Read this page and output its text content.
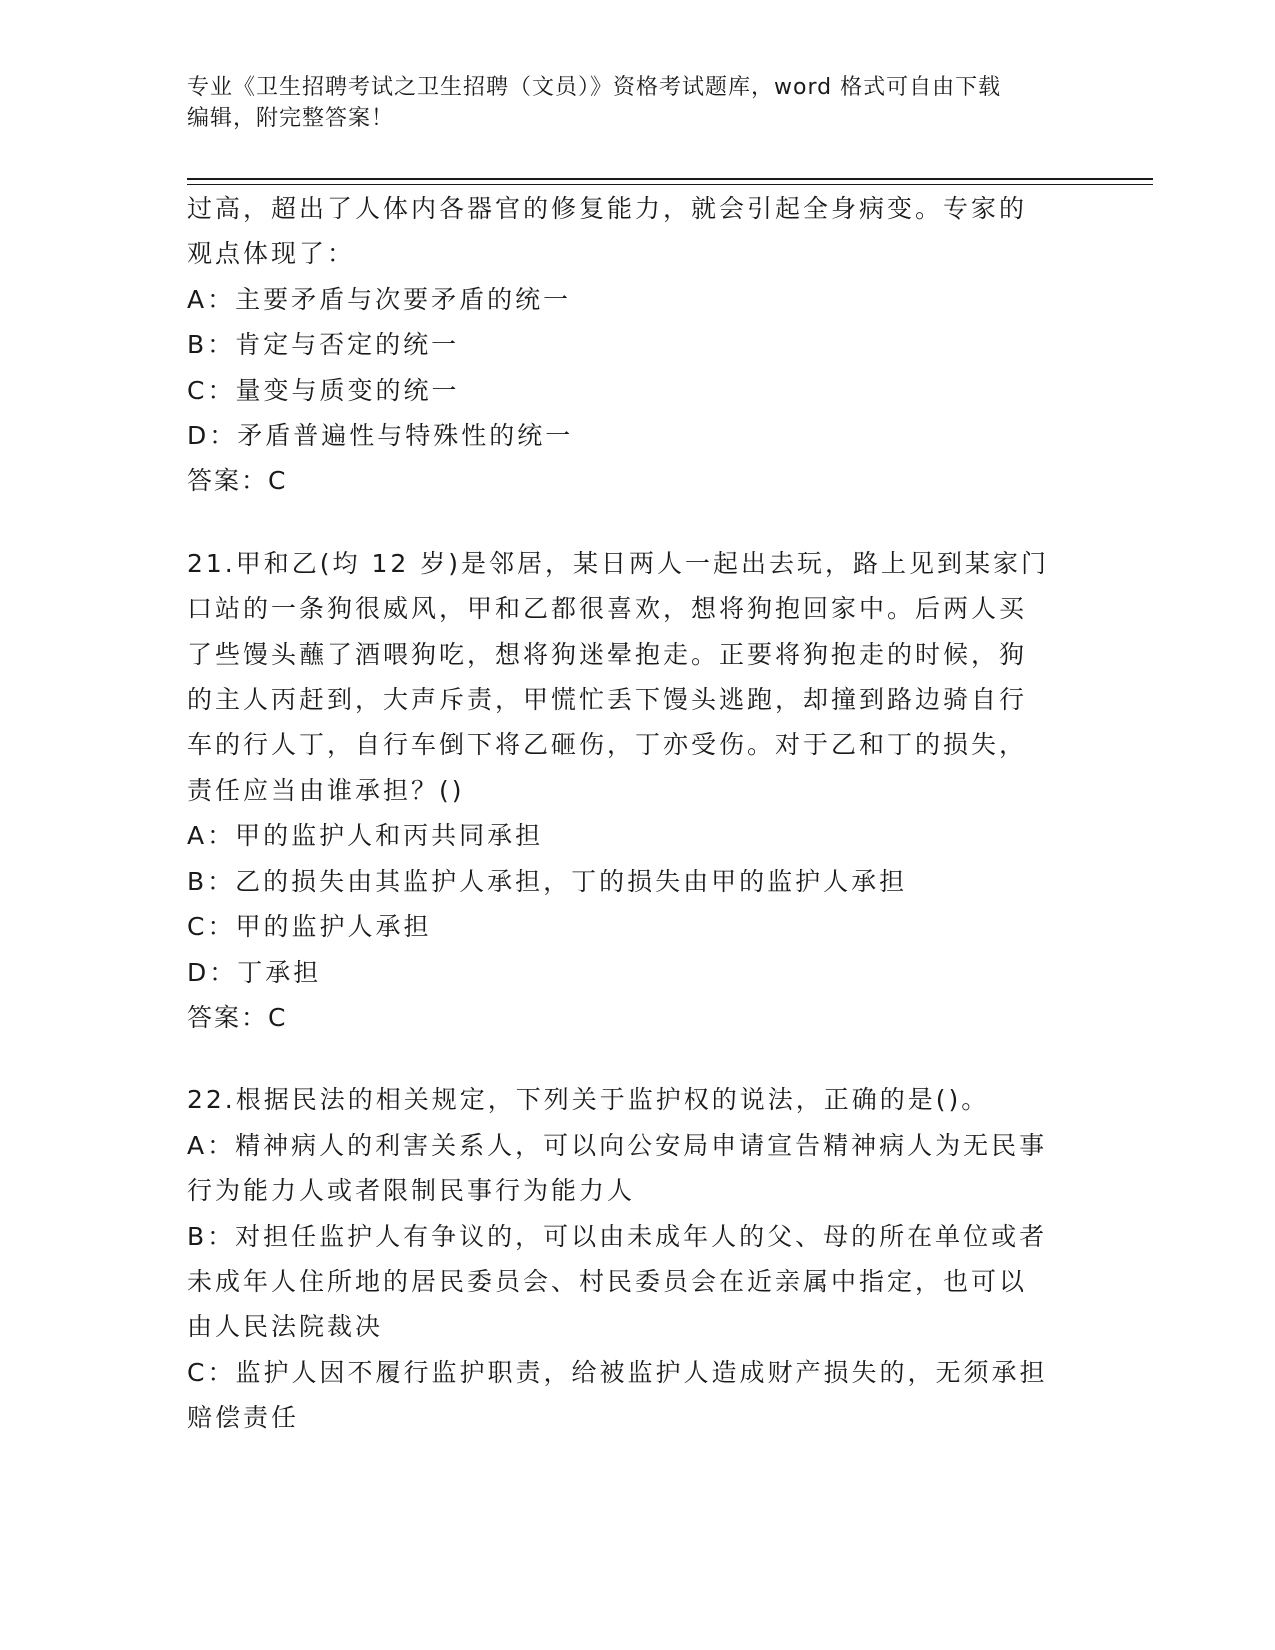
专业《卫生招聘考试之卫生招聘（文员）》资格考试题库，word 格式可自由下载
编辑，附完整答案！
过高，超出了人体内各器官的修复能力，就会引起全身病变。专家的
观点体现了：
A：主要矛盾与次要矛盾的统一
B：肯定与否定的统一
C：量变与质变的统一
D：矛盾普遍性与特殊性的统一
答案：C
21.甲和乙(均 12 岁)是邻居，某日两人一起出去玩，路上见到某家门
口站的一条狗很威风，甲和乙都很喜欢，想将狗抱回家中。后两人买
了些馒头蘸了酒喂狗吃，想将狗迷晕抱走。正要将狗抱走的时候，狗
的主人丙赶到，大声斥责，甲慌忙丢下馒头逃跑，却撞到路边骑自行
车的行人丁，自行车倒下将乙砸伤，丁亦受伤。对于乙和丁的损失，
责任应当由谁承担？()
A：甲的监护人和丙共同承担
B：乙的损失由其监护人承担，丁的损失由甲的监护人承担
C：甲的监护人承担
D：丁承担
答案：C
22.根据民法的相关规定，下列关于监护权的说法，正确的是()。
A：精神病人的利害关系人，可以向公安局申请宣告精神病人为无民事
行为能力人或者限制民事行为能力人
B：对担任监护人有争议的，可以由未成年人的父、母的所在单位或者
未成年人住所地的居民委员会、村民委员会在近亲属中指定，也可以
由人民法院裁决
C：监护人因不履行监护职责，给被监护人造成财产损失的，无须承担
赔偿责任
